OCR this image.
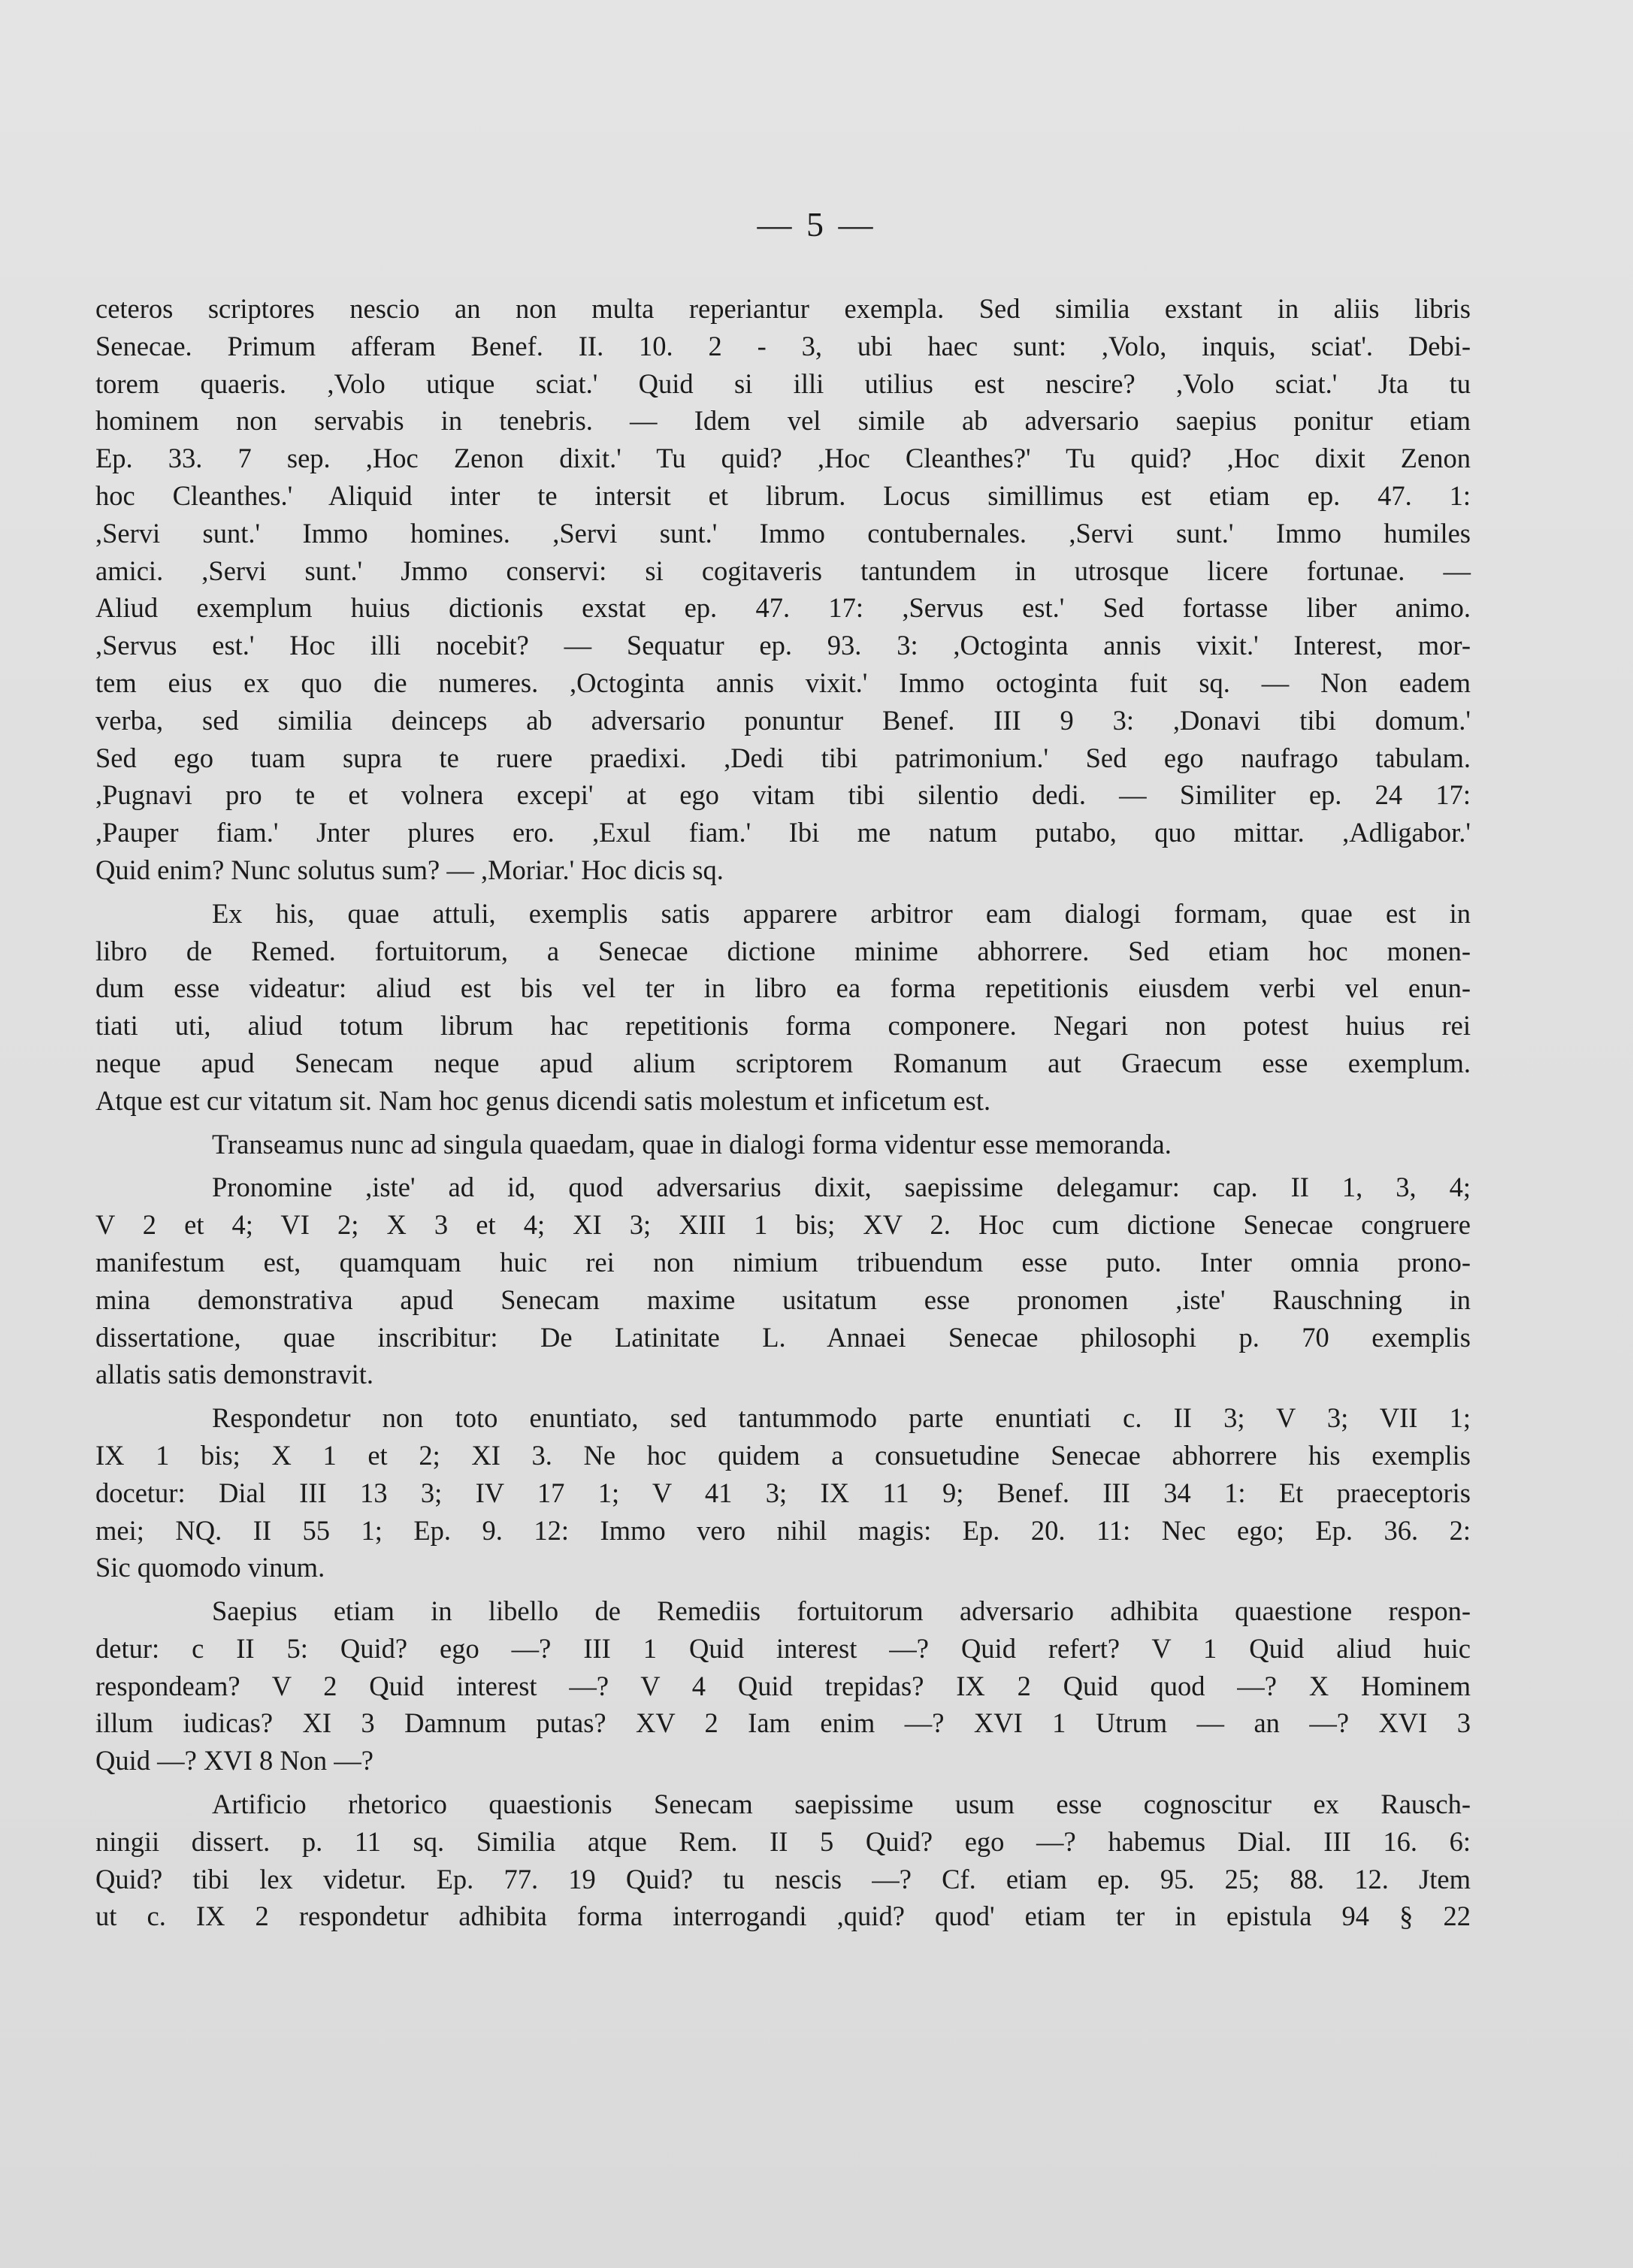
— 5 —

ceteros scriptores nescio an non multa reperiantur exempla. Sed similia exstant in aliis libris
Senecae. Primum afferam Benef. II. 10. 2 - 3, ubi haec sunt: ,Volo, inquis, sciat'. Debi-
torem quaeris. ,Volo utique sciat.' Quid si illi utilius est nescire? ,Volo sciat.' Jta tu
hominem non servabis in tenebris. — Idem vel simile ab adversario saepius ponitur etiam
Ep. 33. 7 sep. ,Hoc Zenon dixit.' Tu quid? ,Hoc Cleanthes?' Tu quid? ,Hoc dixit Zenon
hoc Cleanthes.' Aliquid inter te intersit et librum. Locus simillimus est etiam ep. 47. 1:
,Servi sunt.' Immo homines. ,Servi sunt.' Immo contubernales. ,Servi sunt.' Immo humiles
amici. ,Servi sunt.' Jmmo conservi: si cogitaveris tantundem in utrosque licere fortunae. —
Aliud exemplum huius dictionis exstat ep. 47. 17: ,Servus est.' Sed fortasse liber animo.
,Servus est.' Hoc illi nocebit? — Sequatur ep. 93. 3: ,Octoginta annis vixit.' Interest, mor-
tem eius ex quo die numeres. ,Octoginta annis vixit.' Immo octoginta fuit sq. — Non eadem
verba, sed similia deinceps ab adversario ponuntur Benef. III 9 3: ,Donavi tibi domum.'
Sed ego tuam supra te ruere praedixi. ,Dedi tibi patrimonium.' Sed ego naufrago tabulam.
,Pugnavi pro te et volnera excepi' at ego vitam tibi silentio dedi. — Similiter ep. 24 17:
,Pauper fiam.' Jnter plures ero. ,Exul fiam.' Ibi me natum putabo, quo mittar. ,Adligabor.'
Quid enim? Nunc solutus sum? — ,Moriar.' Hoc dicis sq.

Ex his, quae attuli, exemplis satis apparere arbitror eam dialogi formam, quae est in
libro de Remed. fortuitorum, a Senecae dictione minime abhorrere. Sed etiam hoc monen-
dum esse videatur: aliud est bis vel ter in libro ea forma repetitionis eiusdem verbi vel enun-
tiati uti, aliud totum librum hac repetitionis forma componere. Negari non potest huius rei
neque apud Senecam neque apud alium scriptorem Romanum aut Graecum esse exemplum.
Atque est cur vitatum sit. Nam hoc genus dicendi satis molestum et inficetum est.

Transeamus nunc ad singula quaedam, quae in dialogi forma videntur esse memoranda.

Pronomine ,iste' ad id, quod adversarius dixit, saepissime delegamur: cap. II 1, 3, 4;
V 2 et 4; VI 2; X 3 et 4; XI 3; XIII 1 bis; XV 2. Hoc cum dictione Senecae congruere
manifestum est, quamquam huic rei non nimium tribuendum esse puto. Inter omnia prono-
mina demonstrativa apud Senecam maxime usitatum esse pronomen ,iste' Rauschning in
dissertatione, quae inscribitur: De Latinitate L. Annaei Senecae philosophi p. 70 exemplis
allatis satis demonstravit.

Respondetur non toto enuntiato, sed tantummodo parte enuntiati c. II 3; V 3; VII 1;
IX 1 bis; X 1 et 2; XI 3. Ne hoc quidem a consuetudine Senecae abhorrere his exemplis
docetur: Dial III 13 3; IV 17 1; V 41 3; IX 11 9; Benef. III 34 1: Et praeceptoris
mei; NQ. II 55 1; Ep. 9. 12: Immo vero nihil magis: Ep. 20. 11: Nec ego; Ep. 36. 2:
Sic quomodo vinum.

Saepius etiam in libello de Remediis fortuitorum adversario adhibita quaestione respon-
detur: c II 5: Quid? ego —? III 1 Quid interest —? Quid refert? V 1 Quid aliud huic
respondeam? V 2 Quid interest —? V 4 Quid trepidas? IX 2 Quid quod —? X Hominem
illum iudicas? XI 3 Damnum putas? XV 2 Iam enim —? XVI 1 Utrum — an —? XVI 3
Quid —? XVI 8 Non —?

Artificio rhetorico quaestionis Senecam saepissime usum esse cognoscitur ex Rausch-
ningii dissert. p. 11 sq. Similia atque Rem. II 5 Quid? ego —? habemus Dial. III 16. 6:
Quid? tibi lex videtur. Ep. 77. 19 Quid? tu nescis —? Cf. etiam ep. 95. 25; 88. 12. Jtem
ut c. IX 2 respondetur adhibita forma interrogandi ,quid? quod' etiam ter in epistula 94 § 22
